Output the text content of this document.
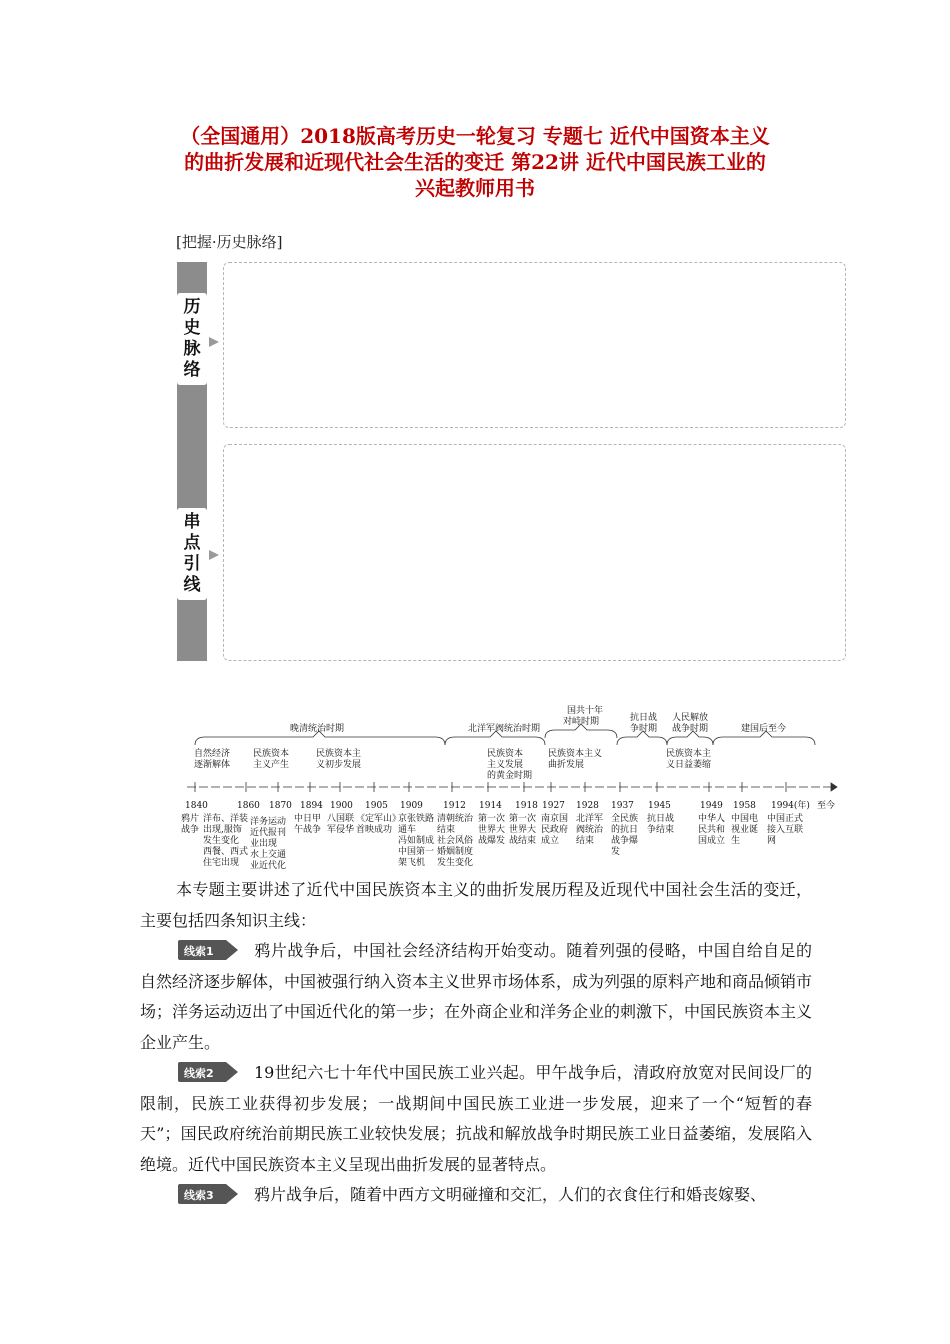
（全国通用）2018版高考历史一轮复习 专题七 近代中国资本主义
的曲折发展和近现代社会生活的变迁 第22讲 近代中国民族工业的
兴起教师用书
[把握·历史脉络]
历
史
脉
络
串
点
引
线
晚清统治时期	北洋军阀统治时期
国共十年
对峙时期	抗日战
争时期
人民解放
战争时期	建国后至今
自然经济
逐渐解体
民族资本
主义产生
民族资本主
义初步发展
民族资本
主义发展
的黄金时期
民族资本主义
曲折发展
民族资本主
义日益萎缩
1840	1860 1870 1894 1900 1905 1909 1912 1914 1918 1927 1928 1937 1945	1949 1958 1994(年) 至今
鸦片
战争
洋布、洋装
出现,服饰
发生变化
西餐、西式
住宅出现
洋务运动
近代报刊
业出现
水上交通
业近代化
中日甲
午战争
八国联
军侵华
《定军山》
首映成功
京张铁路
通车
冯如制成
中国第一
架飞机
清朝统治
结束
社会风俗
婚姻制度
发生变化
第一次
世界大
战爆发
第一次
世界大
战结束
南京国
民政府
成立
北洋军
阀统治
结束
全民族
的抗日
战争爆
发
抗日战
争结束
中华人
民共和
国成立
中国电
视业诞
生
中国正式
接入互联
网

本专题主要讲述了近代中国民族资本主义的曲折发展历程及近现代中国社会生活的变迁，主要包括四条知识主线：

线索1	鸦片战争后，中国社会经济结构开始变动。随着列强的侵略，中国自给自足的自然经济逐步解体，中国被强行纳入资本主义世界市场体系，成为列强的原料产地和商品倾销市场；洋务运动迈出了中国近代化的第一步；在外商企业和洋务企业的刺激下，中国民族资本主义企业产生。

线索2	19世纪六七十年代中国民族工业兴起。甲午战争后，清政府放宽对民间设厂的限制，民族工业获得初步发展；一战期间中国民族工业进一步发展，迎来了一个“短暂的春天”；国民政府统治前期民族工业较快发展；抗战和解放战争时期民族工业日益萎缩，发展陷入绝境。近代中国民族资本主义呈现出曲折发展的显著特点。

线索3	鸦片战争后，随着中西方文明碰撞和交汇，人们的衣食住行和婚丧嫁娶、
